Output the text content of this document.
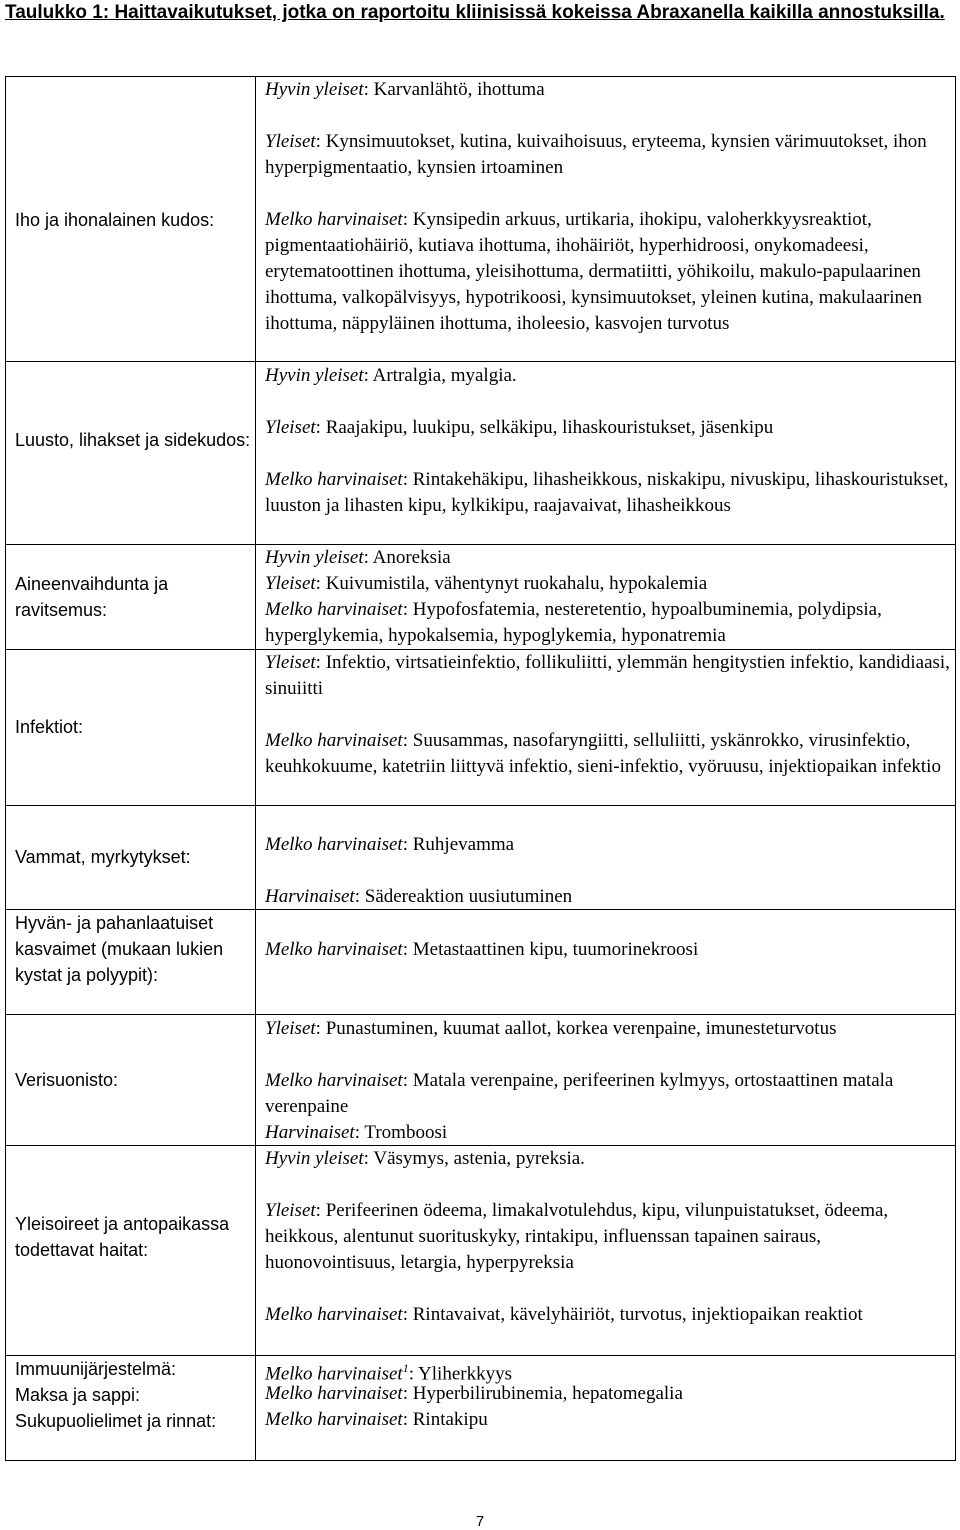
Taulukko 1: Haittavaikutukset, jotka on raportoitu kliinisissä kokeissa Abraxanella kaikilla annostuksilla.
Iho ja ihonalainen kudos:
Hyvin yleiset: Karvanlähtö, ihottuma
Yleiset: Kynsimuutokset, kutina, kuivaihoisuus, eryteema, kynsien värimuutokset, ihon hyperpigmentaatio, kynsien irtoaminen
Melko harvinaiset: Kynsipedin arkuus, urtikaria, ihokipu, valoherkkyysreaktiot, pigmentaatiohäiriö, kutiava ihottuma, ihohäiriöt, hyperhidroosi, onykomadeesi, erytematoottinen ihottuma, yleisihottuma, dermatiitti, yöhikoilu, makulo-papulaarinen ihottuma, valkopälvisyys, hypotrikoosi, kynsimuutokset, yleinen kutina, makulaarinen ihottuma, näppyläinen ihottuma, iholeesio, kasvojen turvotus
Luusto, lihakset ja sidekudos:
Hyvin yleiset: Artralgia, myalgia.
Yleiset: Raajakipu, luukipu, selkäkipu, lihaskouristukset, jäsenkipu
Melko harvinaiset: Rintakehäkipu, lihasheikkous, niskakipu, nivuskipu, lihaskouristukset, luuston ja lihasten kipu, kylkikipu, raajavaivat, lihasheikkous
Aineenvaihdunta ja ravitsemus:
Hyvin yleiset: Anoreksia
Yleiset: Kuivumistila, vähentynyt ruokahalu, hypokalemia
Melko harvinaiset: Hypofosfatemia, nesteretentio, hypoalbuminemia, polydipsia, hyperglykemia, hypokalsemia, hypoglykemia, hyponatremia
Infektiot:
Yleiset: Infektio, virtsatieinfektio, follikuliitti, ylemmän hengitystien infektio, kandidiaasi, sinuiitti
Melko harvinaiset: Suusammas, nasofaryngiitti, selluliitti, yskänrokko, virusinfektio, keuhkokuume, katetriin liittyvä infektio, sieni-infektio, vyöruusu, injektiopaikan infektio
Vammat, myrkytykset:
Melko harvinaiset: Ruhjevamma
Harvinaiset: Sädereaktion uusiutuminen
Hyvän- ja pahanlaatuiset kasvaimet (mukaan lukien kystat ja polyypit):
Melko harvinaiset: Metastaattinen kipu, tuumorinekroosi
Verisuonisto:
Yleiset: Punastuminen, kuumat aallot, korkea verenpaine, imunesteturvotus
Melko harvinaiset: Matala verenpaine, perifeerinen kylmyys, ortostaattinen matala verenpaine
Harvinaiset: Tromboosi
Yleisoireet ja antopaikassa todettavat haitat:
Hyvin yleiset: Väsymys, astenia, pyreksia.
Yleiset: Perifeerinen ödeema, limakalvotulehdus, kipu, vilunpuistatukset, ödeema, heikkous, alentunut suorituskyky, rintakipu, influenssan tapainen sairaus, huonovointisuus, letargia, hyperpyreksia
Melko harvinaiset: Rintavaivat, kävelyhäiriöt, turvotus, injektiopaikan reaktiot
Immuunijärjestelmä:
Maksa ja sappi:
Sukupuolielimet ja rinnat:
Melko harvinaiset$^1$: Yliherkkyys
Melko harvinaiset: Hyperbilirubinemia, hepatomegalia
Melko harvinaiset: Rintakipu
7
